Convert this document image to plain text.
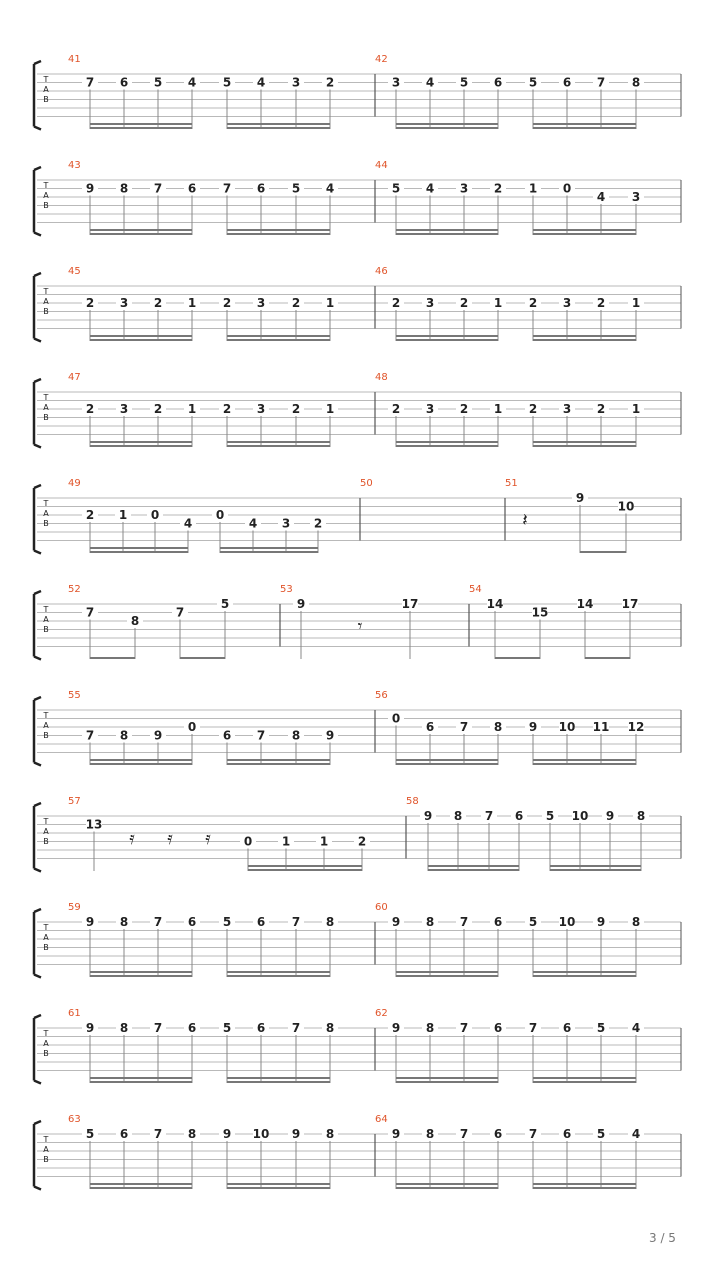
T
A
B
41
7 6 5 4 5 4 3 2
42
3 4 5 6 5 6 7 8
T
A
B
43
9 8 7 6 7 6 5 4
44
5 4 3 2 1 0
4 3
T
A
B
45
2 3 2 1 2 3 2 1
46
2 3 2 1 2 3 2 1
T
A
B
47
2 3 2 1 2 3 2 1
48
2 3 2 1 2 3 2 1
T
A
B
49
2 1 0
4
0
4 3 2
50	51
𝄽
9
10
T
A
B
52
7
8
7
5
53
9
𝄾
17
54
14
15
14 17
T
A
B
55
7 8 9
0
6 7 8 9
56
0
6 7 8 9 10 11 12
T
A
B
57
13
𝄿 𝄿 𝄿	0 1 1 2
58
9 8 7 6 5 10 9 8
T
A
B
59
9 8 7 6 5 6 7 8
60
9 8 7 6 5 10 9 8
T
A
B
61
9 8 7 6 5 6 7 8
62
9 8 7 6 7 6 5 4
T
A
B
63
5 6 7 8 9 10 9 8
64
9 8 7 6 7 6 5 4
3 / 5
